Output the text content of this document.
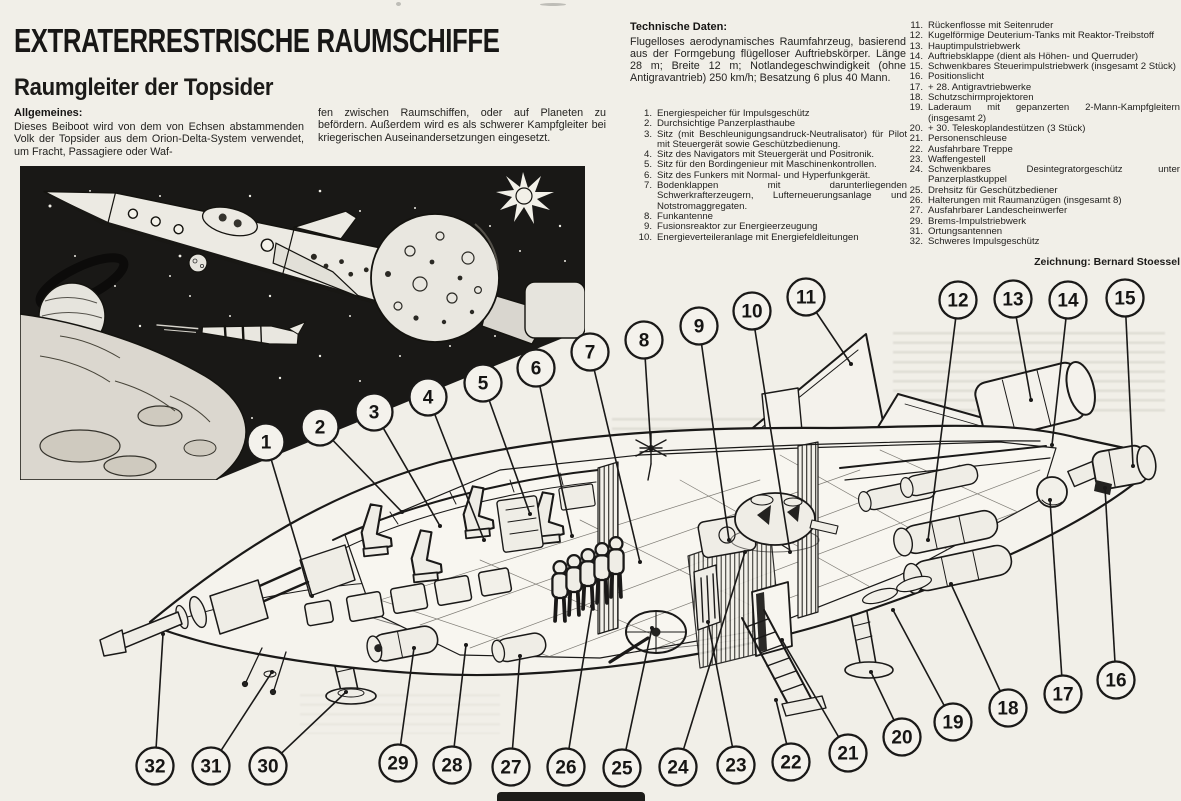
EXTRATERRESTRISCHE RAUMSCHIFFE
Raumgleiter der Topsider
Allgemeines:
Dieses Beiboot wird von dem von Echsen abstammenden Volk der Topsider aus dem Orion-Delta-System verwendet, um Fracht, Passagiere oder Waf-
fen zwischen Raumschiffen, oder auf Planeten zu befördern. Außerdem wird es als schwerer Kampfgleiter bei kriegerischen Auseinandersetzungen eingesetzt.
Technische Daten:
Flugelloses aerodynamisches Raumfahrzeug, basierend aus der Formgebung flügelloser Auftriebskörper. Länge 28 m; Breite 12 m; Notlandegeschwindigkeit (ohne Antigravantrieb) 250 km/h; Besatzung 6 plus 40 Mann.
1. Energiespeicher für Impulsgeschütz
2. Durchsichtige Panzerplasthaube
3. Sitz (mit Beschleunigungsandruck-Neutralisator) für Pilot mit Steuergerät sowie Geschützbedienung.
4. Sitz des Navigators mit Steuergerät und Positronik.
5. Sitz für den Bordingenieur mit Maschinenkontrollen.
6. Sitz des Funkers mit Normal- und Hyperfunkgerät.
7. Bodenklappen mit darunterliegenden Schwerkrafterzeugern, Lufterneuerungsanlage und Notstromaggregaten.
8. Funkantenne
9. Fusionsreaktor zur Energieerzeugung
10. Energieverteileranlage mit Energiefeldleitungen
11. Rückenflosse mit Seitenruder
12. Kugelförmige Deuterium-Tanks mit Reaktor-Treibstoff
13. Hauptimpulstriebwerk
14. Auftriebsklappe (dient als Höhen- und Querruder)
15. Schwenkbares Steuerimpulstriebwerk (insgesamt 2 Stück)
16. Positionslicht
17. + 28. Antigravtriebwerke
18. Schutzschirmprojektoren
19. Laderaum mit gepanzerten 2-Mann-Kampfgleitern (insgesamt 2)
20. + 30. Teleskoplandestützen (3 Stück)
21. Personenschleuse
22. Ausfahrbare Treppe
23. Waffengestell
24. Schwenkbares Desintegratorgeschütz unter Panzerplastkuppel
25. Drehsitz für Geschützbediener
26. Halterungen mit Raumanzügen (insgesamt 8)
27. Ausfahrbarer Landescheinwerfer
29. Brems-Impulstriebwerk
31. Ortungsantennen
32. Schweres Impulsgeschütz
Zeichnung: Bernard Stoessel
1
2
3
4
5
6
7
8
9
10
11	12 13 14 15
16
17
18
19
20
21
22
23
24
25
26
27
28
29
30
31
32
